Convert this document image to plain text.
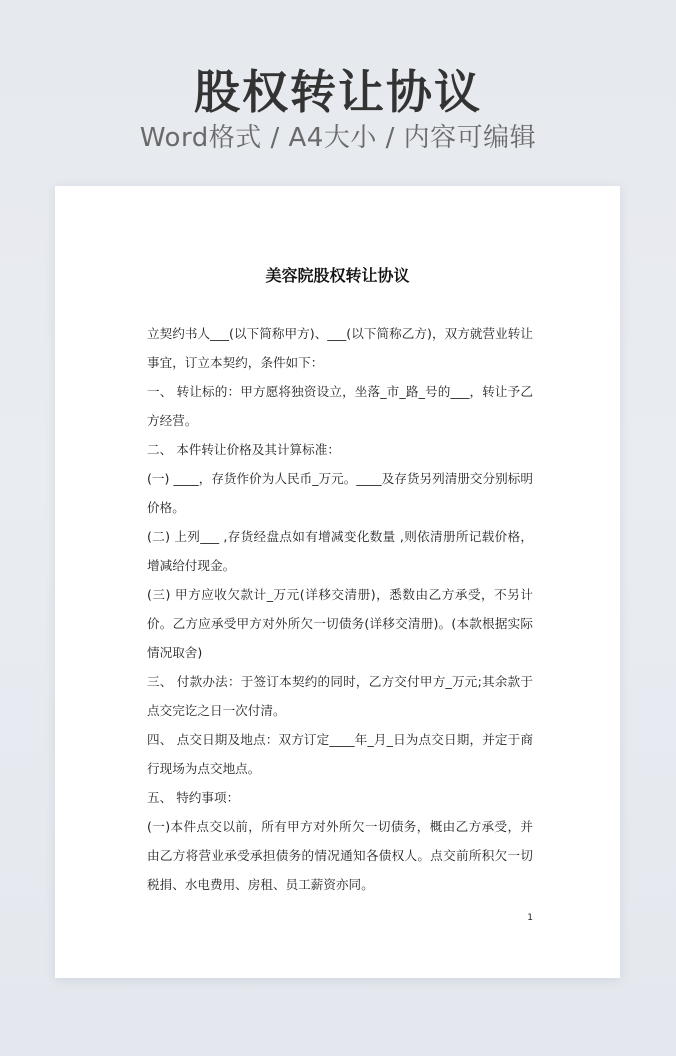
股权转让协议
Word格式 / A4大小 / 内容可编辑
美容院股权转让协议

立契约书人___(以下简称甲方)、___(以下简称乙方)，双方就营业转让事宜，订立本契约，条件如下：

一、 转让标的：甲方愿将独资设立，坐落_市_路_号的___，转让予乙方经营。

二、 本件转让价格及其计算标准：

(一) ____，存货作价为人民币_万元。____及存货另列清册交分别标明价格。

(二) 上列___ ,存货经盘点如有增减变化数量 ,则依清册所记载价格，增减给付现金。

(三) 甲方应收欠款计_万元(详移交清册)，悉数由乙方承受，不另计价。乙方应承受甲方对外所欠一切债务(详移交清册)。(本款根据实际情况取舍)

三、 付款办法：于签订本契约的同时，乙方交付甲方_万元;其余款于点交完讫之日一次付清。

四、 点交日期及地点：双方订定____年_月_日为点交日期，并定于商行现场为点交地点。

五、 特约事项：

(一)本件点交以前，所有甲方对外所欠一切债务，概由乙方承受，并由乙方将营业承受承担债务的情况通知各债权人。点交前所积欠一切税捐、水电费用、房租、员工薪资亦同。

1
